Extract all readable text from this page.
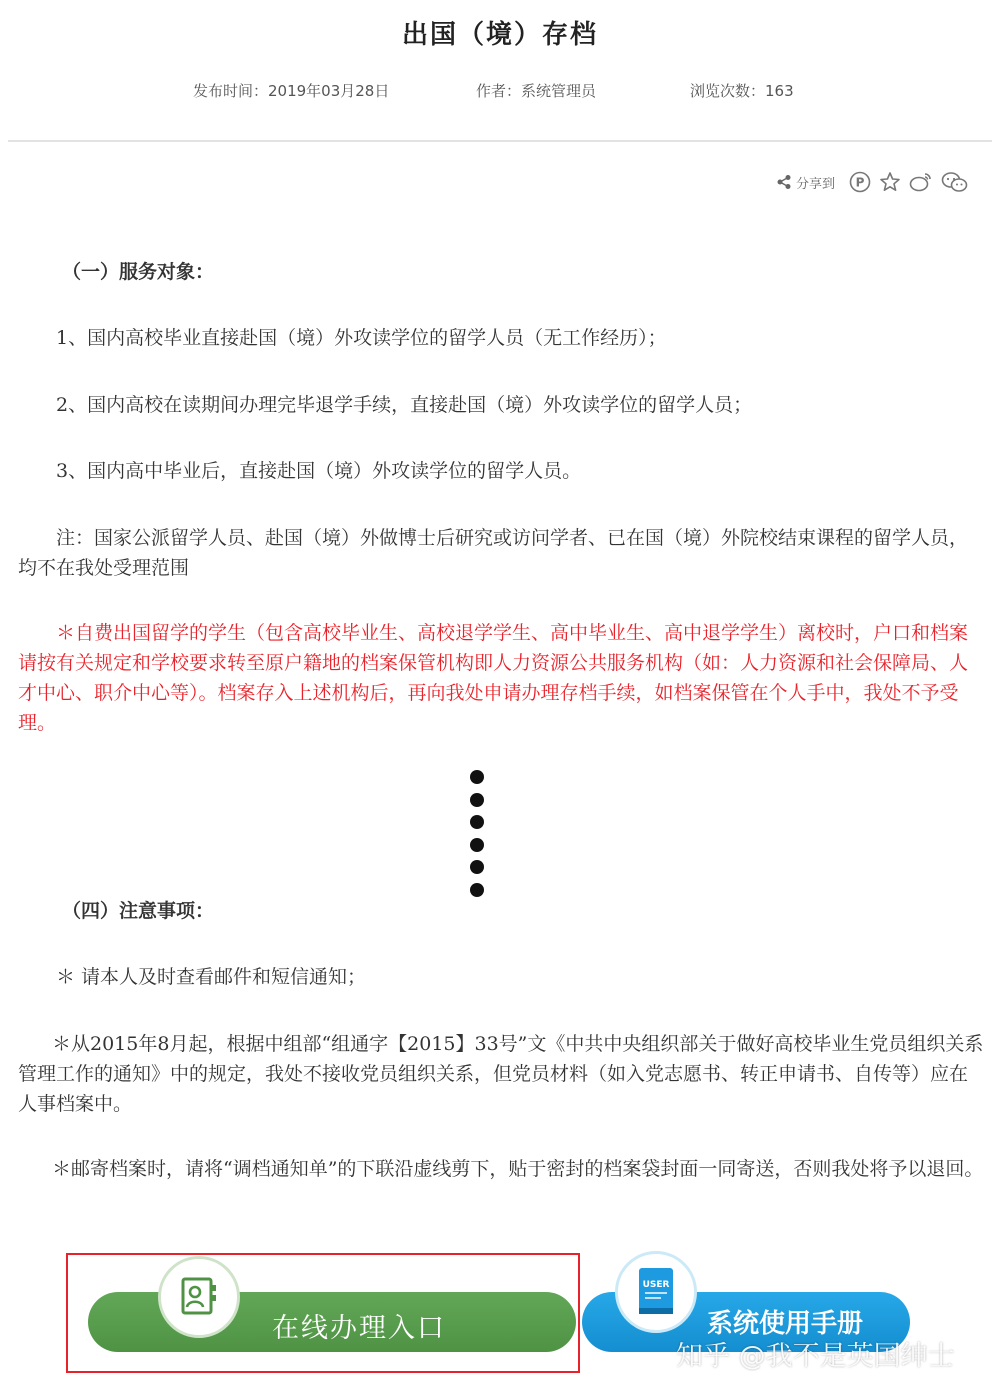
出国（境）存档
发布时间：2019年03月28日	作者：系统管理员	浏览次数：163
分享到 P
（一）服务对象：
1、国内高校毕业直接赴国（境）外攻读学位的留学人员（无工作经历）；
2、国内高校在读期间办理完毕退学手续，直接赴国（境）外攻读学位的留学人员；
3、国内高中毕业后，直接赴国（境）外攻读学位的留学人员。
注：国家公派留学人员、赴国（境）外做博士后研究或访问学者、已在国（境）外院校结束课程的留学人员，均不在我处受理范围
＊自费出国留学的学生（包含高校毕业生、高校退学学生、高中毕业生、高中退学学生）离校时，户口和档案请按有关规定和学校要求转至原户籍地的档案保管机构即人力资源公共服务机构（如：人力资源和社会保障局、人才中心、职介中心等）。档案存入上述机构后，再向我处申请办理存档手续，如档案保管在个人手中，我处不予受理。
（四）注意事项：
＊ 请本人及时查看邮件和短信通知；
＊从2015年8月起，根据中组部“组通字【2015】33号”文《中共中央组织部关于做好高校毕业生党员组织关系管理工作的通知》中的规定，我处不接收党员组织关系，但党员材料（如入党志愿书、转正申请书、自传等）应在人事档案中。
＊邮寄档案时，请将“调档通知单”的下联沿虚线剪下，贴于密封的档案袋封面一同寄送，否则我处将予以退回。
在线办理入口
USER
系统使用手册
知乎 @我不是英国绅士
